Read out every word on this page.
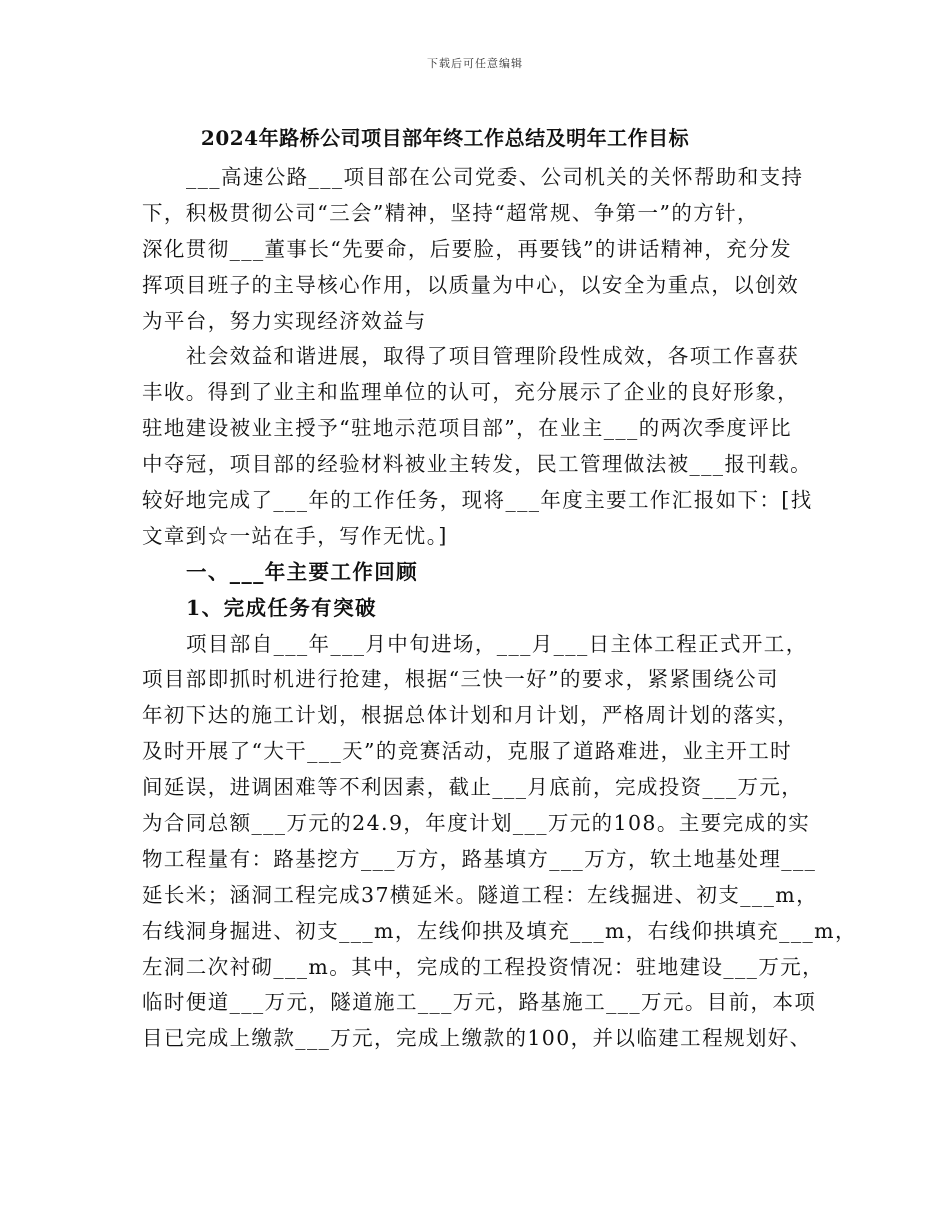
下载后可任意编辑
2024年路桥公司项目部年终工作总结及明年工作目标
___高速公路___项目部在公司党委、公司机关的关怀帮助和支持
下，积极贯彻公司“三会”精神，坚持“超常规、争第一”的方针，
深化贯彻___董事长“先要命，后要脸，再要钱”的讲话精神，充分发
挥项目班子的主导核心作用，以质量为中心，以安全为重点，以创效
为平台，努力实现经济效益与
社会效益和谐进展，取得了项目管理阶段性成效，各项工作喜获
丰收。得到了业主和监理单位的认可，充分展示了企业的良好形象，
驻地建设被业主授予“驻地示范项目部”，在业主___的两次季度评比
中夺冠，项目部的经验材料被业主转发，民工管理做法被___报刊载。
较好地完成了___年的工作任务，现将___年度主要工作汇报如下：[找
文章到☆一站在手，写作无忧。]
一、___年主要工作回顾
1、完成任务有突破
项目部自___年___月中旬进场，___月___日主体工程正式开工，
项目部即抓时机进行抢建，根据“三快一好”的要求，紧紧围绕公司
年初下达的施工计划，根据总体计划和月计划，严格周计划的落实，
及时开展了“大干___天”的竞赛活动，克服了道路难进，业主开工时
间延误，进调困难等不利因素，截止___月底前，完成投资___万元，
为合同总额___万元的24.9，年度计划___万元的108。主要完成的实
物工程量有：路基挖方___万方，路基填方___万方，软土地基处理___
延长米；涵洞工程完成37横延米。隧道工程：左线掘进、初支___m，
右线洞身掘进、初支___m，左线仰拱及填充___m，右线仰拱填充___m，
左洞二次衬砌___m。其中，完成的工程投资情况：驻地建设___万元，
临时便道___万元，隧道施工___万元，路基施工___万元。目前，本项
目已完成上缴款___万元，完成上缴款的100，并以临建工程规划好、
